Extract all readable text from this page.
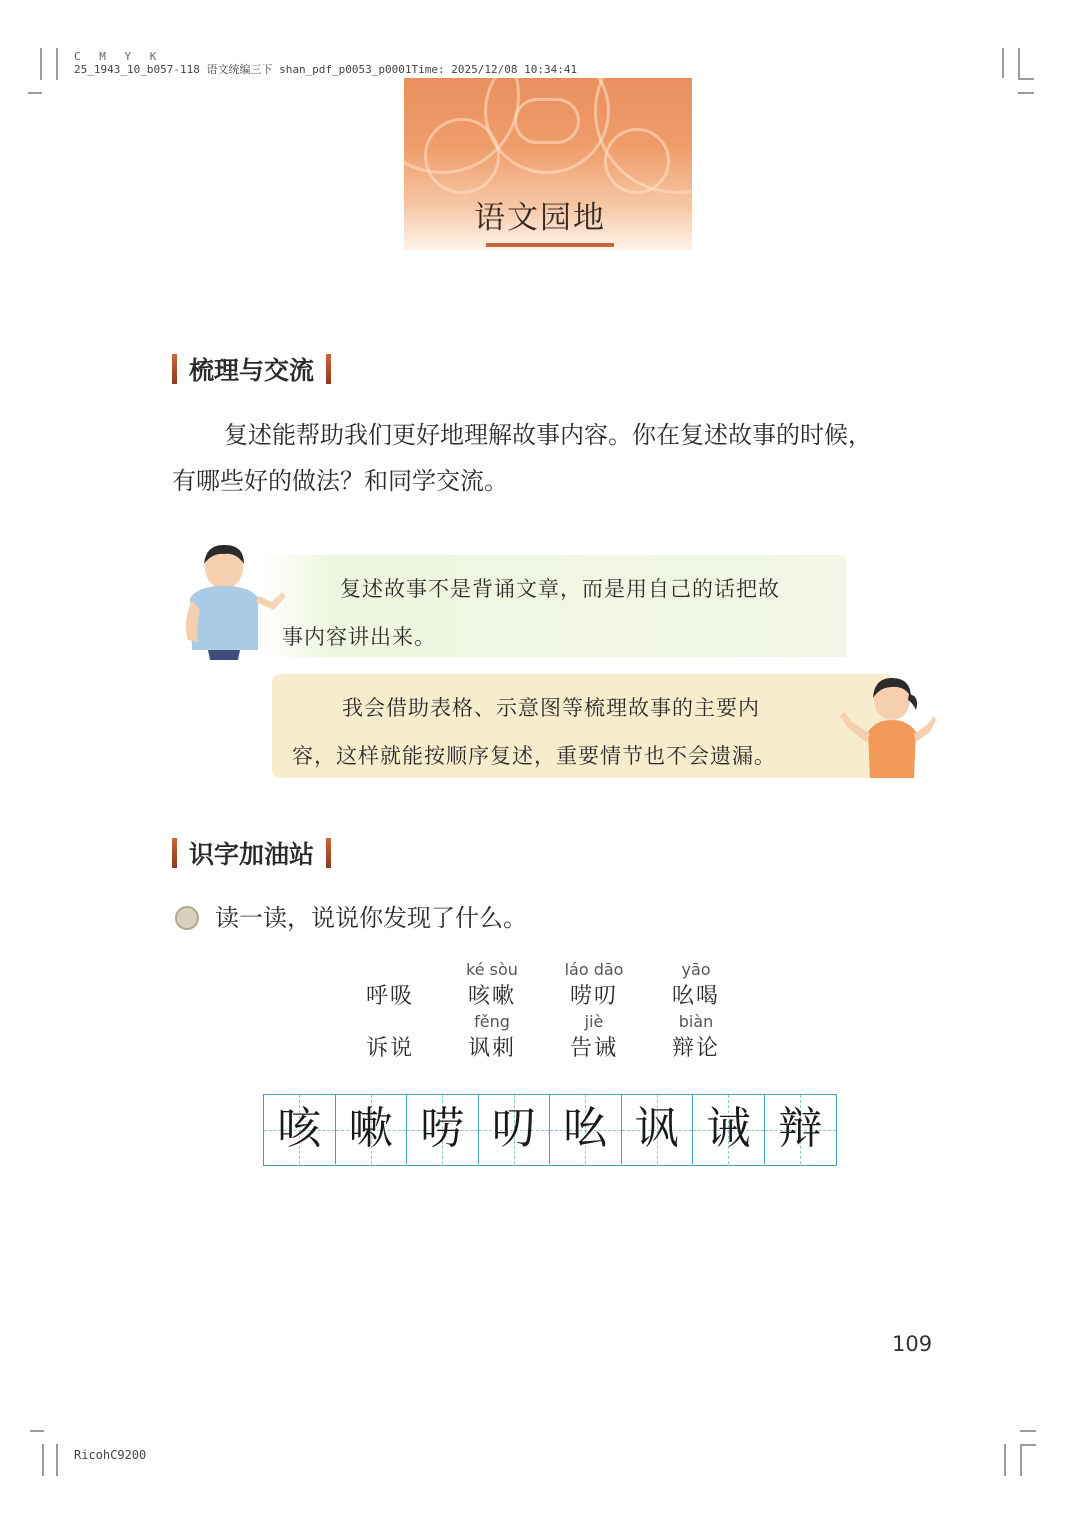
C M Y K
25_1943_10_b057-118 语文统编三下 shan_pdf_p0053_p0001Time: 2025/12/08 10:34:41
语文园地
梳理与交流
复述能帮助我们更好地理解故事内容。你在复述故事的时候，
有哪些好的做法？和同学交流。
复述故事不是背诵文章，而是用自己的话把故
事内容讲出来。
我会借助表格、示意图等梳理故事的主要内
容，这样就能按顺序复述，重要情节也不会遗漏。
识字加油站
读一读，说说你发现了什么。
呼吸
ké sòu
咳嗽
láo dāo
唠叨
yāo
吆喝
诉说
fěng
讽刺
jiè
告诫
biàn
辩论
咳 嗽 唠 叨 吆 讽 诫 辩
109
RicohC9200
